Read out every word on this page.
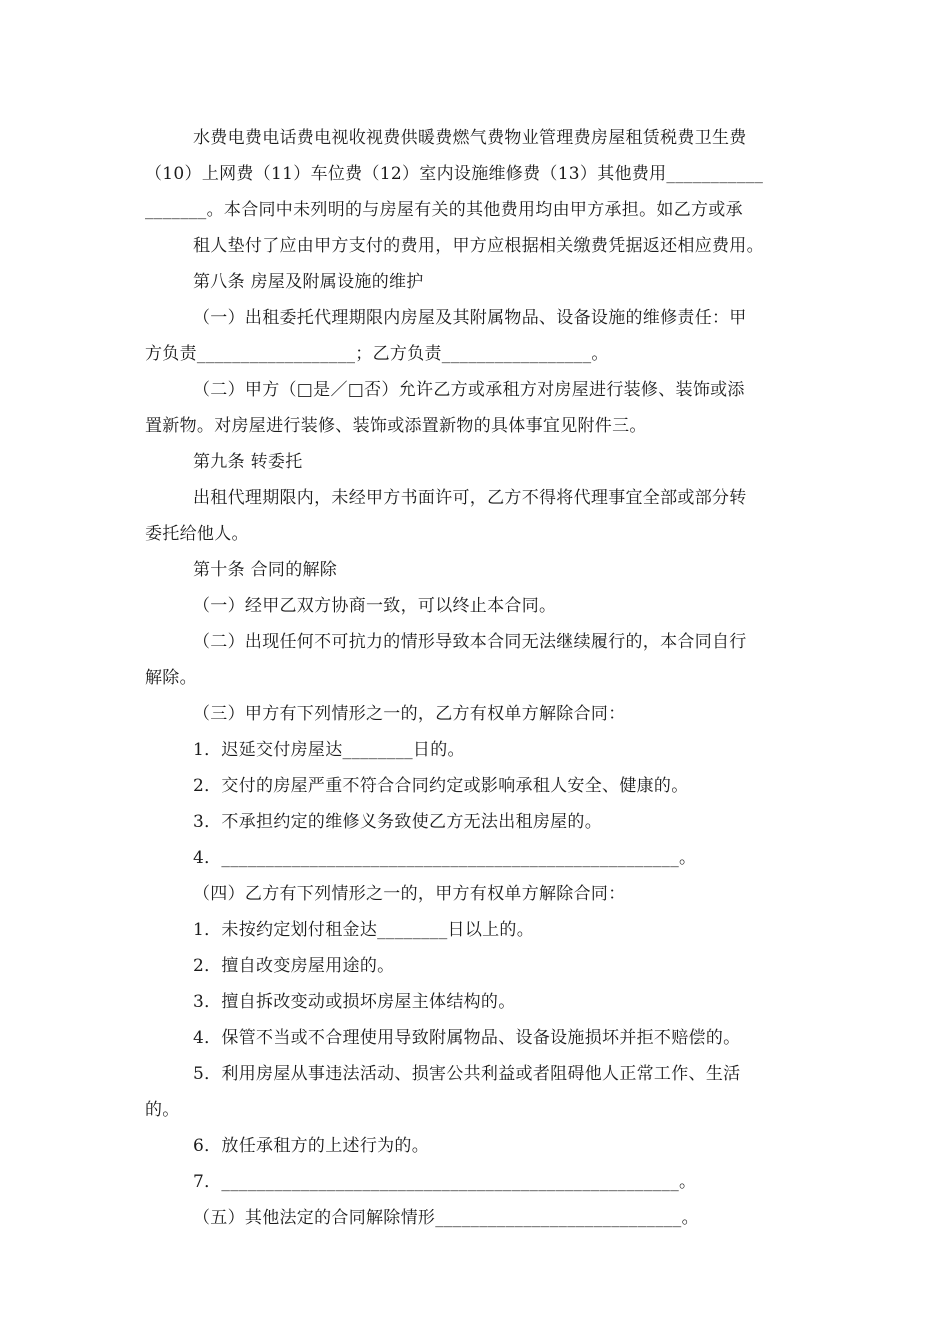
水费电费电话费电视收视费供暖费燃气费物业管理费房屋租赁税费卫生费
（10）上网费（11）车位费（12）室内设施维修费（13）其他费用___________
_______。本合同中未列明的与房屋有关的其他费用均由甲方承担。如乙方或承
租人垫付了应由甲方支付的费用，甲方应根据相关缴费凭据返还相应费用。
第八条 房屋及附属设施的维护
（一）出租委托代理期限内房屋及其附属物品、设备设施的维修责任：甲
方负责__________________；乙方负责_________________。
（二）甲方（□是／□否）允许乙方或承租方对房屋进行装修、装饰或添
置新物。对房屋进行装修、装饰或添置新物的具体事宜见附件三。
第九条 转委托
出租代理期限内，未经甲方书面许可，乙方不得将代理事宜全部或部分转
委托给他人。
第十条 合同的解除
（一）经甲乙双方协商一致，可以终止本合同。
（二）出现任何不可抗力的情形导致本合同无法继续履行的，本合同自行
解除。
（三）甲方有下列情形之一的，乙方有权单方解除合同：
1．迟延交付房屋达________日的。
2．交付的房屋严重不符合合同约定或影响承租人安全、健康的。
3．不承担约定的维修义务致使乙方无法出租房屋的。
4．____________________________________________________。
（四）乙方有下列情形之一的，甲方有权单方解除合同：
1．未按约定划付租金达________日以上的。
2．擅自改变房屋用途的。
3．擅自拆改变动或损坏房屋主体结构的。
4．保管不当或不合理使用导致附属物品、设备设施损坏并拒不赔偿的。
5．利用房屋从事违法活动、损害公共利益或者阻碍他人正常工作、生活
的。
6．放任承租方的上述行为的。
7．____________________________________________________。
（五）其他法定的合同解除情形____________________________。
